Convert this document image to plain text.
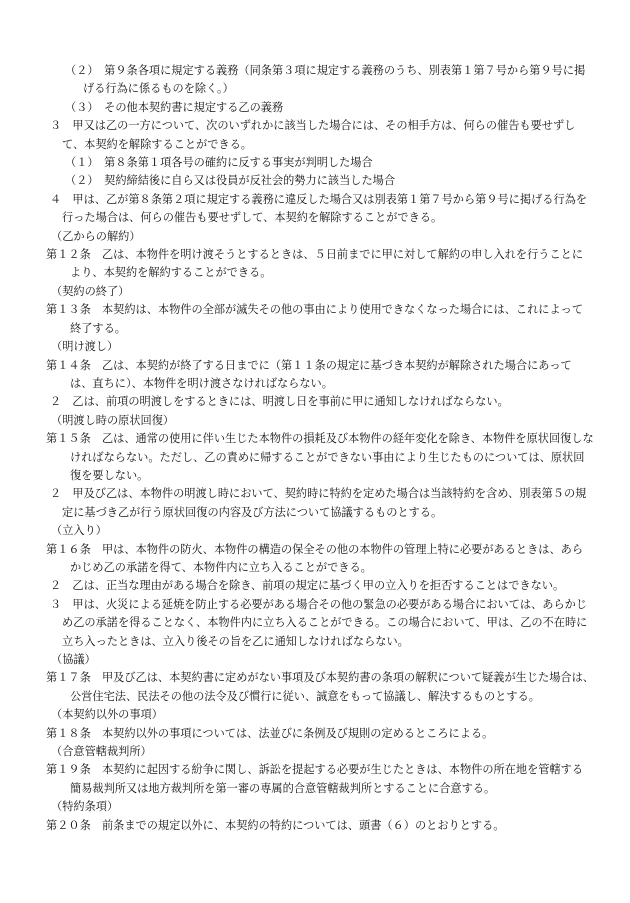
（２）　第９条各項に規定する義務（同条第３項に規定する義務のうち、別表第１第７号から第９号に掲げる行為に係るものを除く。）

（３）　その他本契約書に規定する乙の義務

３　甲又は乙の一方について、次のいずれかに該当した場合には、その相手方は、何らの催告も要せずして、本契約を解除することができる。

（１）　第８条第１項各号の確約に反する事実が判明した場合

（２）　契約締結後に自ら又は役員が反社会的勢力に該当した場合

４　甲は、乙が第８条第２項に規定する義務に違反した場合又は別表第１第７号から第９号に掲げる行為を行った場合は、何らの催告も要せずして、本契約を解除することができる。

（乙からの解約）

第１２条　乙は、本物件を明け渡そうとするときは、５日前までに甲に対して解約の申し入れを行うことにより、本契約を解約することができる。

（契約の終了）

第１３条　本契約は、本物件の全部が滅失その他の事由により使用できなくなった場合には、これによって終了する。

（明け渡し）

第１４条　乙は、本契約が終了する日までに（第１１条の規定に基づき本契約が解除された場合にあっては、直ちに）、本物件を明け渡さなければならない。

２　乙は、前項の明渡しをするときには、明渡し日を事前に甲に通知しなければならない。

（明渡し時の原状回復）

第１５条　乙は、通常の使用に伴い生じた本物件の損耗及び本物件の経年変化を除き、本物件を原状回復しなければならない。ただし、乙の責めに帰することができない事由により生じたものについては、原状回復を要しない。

２　甲及び乙は、本物件の明渡し時において、契約時に特約を定めた場合は当該特約を含め、別表第５の規定に基づき乙が行う原状回復の内容及び方法について協議するものとする。

（立入り）

第１６条　甲は、本物件の防火、本物件の構造の保全その他の本物件の管理上特に必要があるときは、あらかじめ乙の承諾を得て、本物件内に立ち入ることができる。

２　乙は、正当な理由がある場合を除き、前項の規定に基づく甲の立入りを拒否することはできない。

３　甲は、火災による延焼を防止する必要がある場合その他の緊急の必要がある場合においては、あらかじめ乙の承諾を得ることなく、本物件内に立ち入ることができる。この場合において、甲は、乙の不在時に立ち入ったときは、立入り後その旨を乙に通知しなければならない。

（協議）

第１７条　甲及び乙は、本契約書に定めがない事項及び本契約書の条項の解釈について疑義が生じた場合は、公営住宅法、民法その他の法令及び慣行に従い、誠意をもって協議し、解決するものとする。

（本契約以外の事項）

第１８条　本契約以外の事項については、法並びに条例及び規則の定めるところによる。

（合意管轄裁判所）

第１９条　本契約に起因する紛争に関し、訴訟を提起する必要が生じたときは、本物件の所在地を管轄する簡易裁判所又は地方裁判所を第一審の専属的合意管轄裁判所とすることに合意する。

（特約条項）

第２０条　前条までの規定以外に、本契約の特約については、頭書（６）のとおりとする。
